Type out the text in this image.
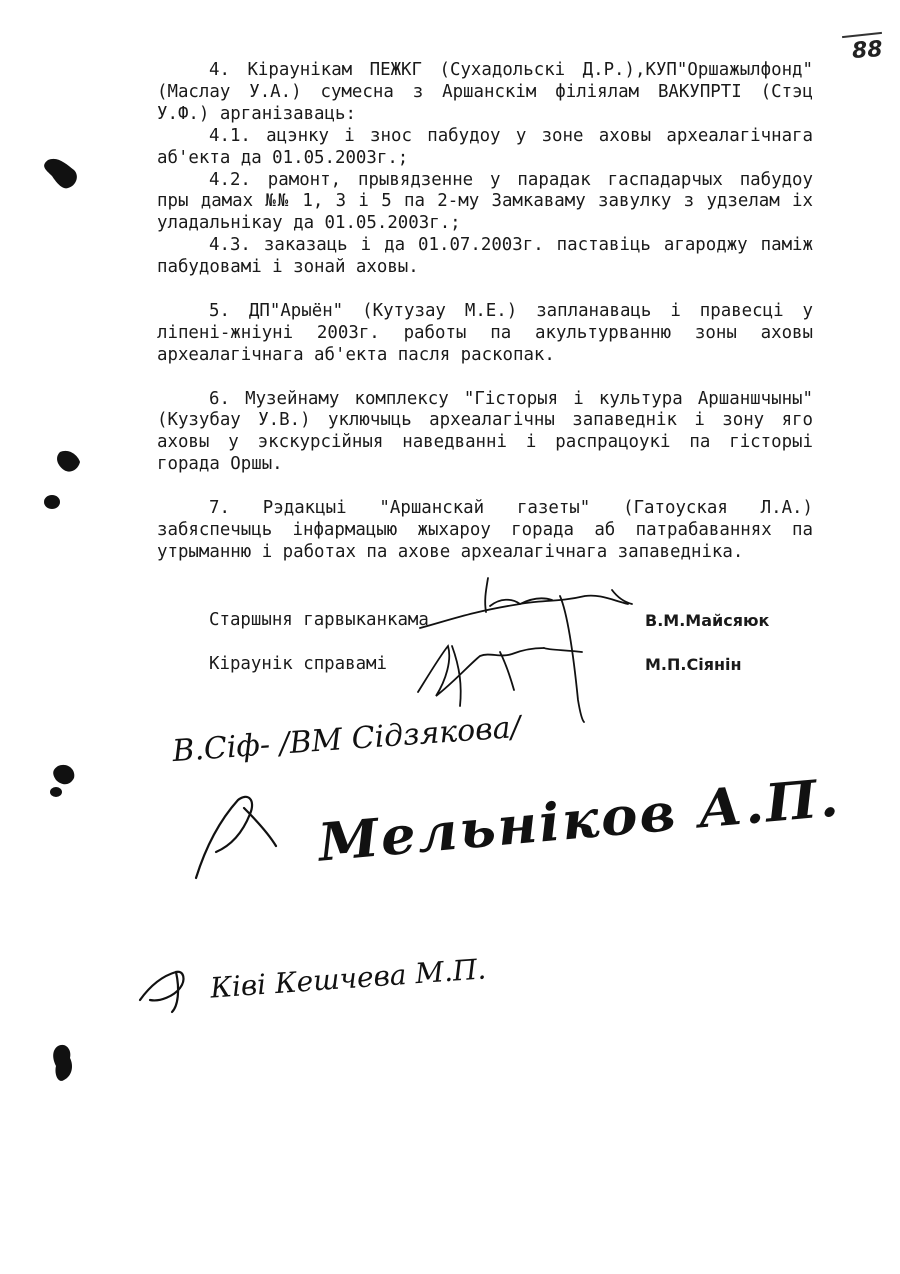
88

4. Кіраунікам ПЕЖКГ (Сухадольскі Д.Р.),КУП"Оршажылфонд" (Маслау У.А.) сумесна з Аршанскім філіялам ВАКУПРТІ (Стэц У.Ф.) арганізаваць:

4.1. ацэнку і знос пабудоу у зоне аховы археалагічнага аб'екта да 01.05.2003г.;

4.2. рамонт, прывядзенне у парадак гаспадарчых пабудоу пры дамах №№ 1, 3 і 5 па 2-му Замкаваму завулку з удзелам іх уладальнікау да 01.05.2003г.;

4.3. заказаць і да 01.07.2003г. паставіць агароджу паміж пабудовамі і зонай аховы.

5. ДП"Арыён" (Кутузау М.Е.) запланаваць і правесці у ліпені-жніуні 2003г. работы па акультурванню зоны аховы археалагічнага аб'екта пасля раскопак.

6. Музейнаму комплексу "Гісторыя і культура Аршаншчыны" (Кузубау У.В.) уключыць археалагічны запаведнік і зону яго аховы у экскурсійныя наведванні і распрацоукі па гісторыі горада Оршы.

7. Рэдакцыі "Аршанскай газеты" (Гатоуская Л.А.) забяспечыць інфармацыю жыхароу горада аб патрабаваннях па утрыманню і работах па ахове археалагічнага запаведніка.

Старшыня гарвыканкама	В.М.Майсяюк
Кіраунік справамі	М.П.Сіянін
В.Сіф- /ВМ Сідзякова/
Мельніков А.П.
Ківі Кешчева М.П.
